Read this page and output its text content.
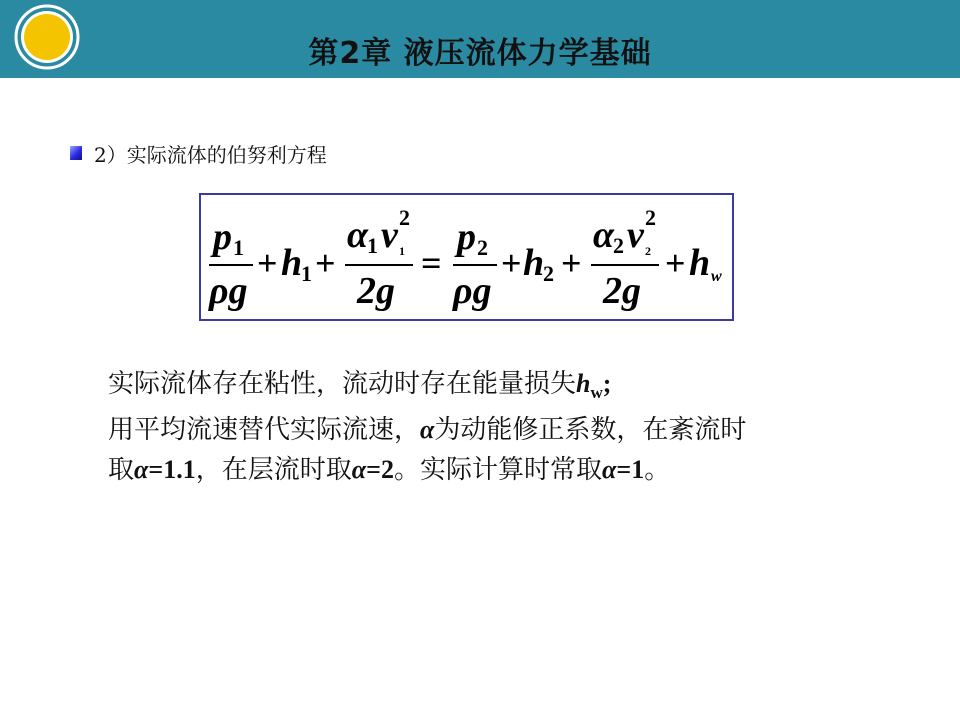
第2章 液压流体力学基础
2）实际流体的伯努利方程
p 1
ρg
+ h
1 +
α
1 v 2
1
2g
=
p 2
ρg
+ h
2 +
α
2 v 2
2
2g
+ h w
实际流体存在粘性，流动时存在能量损失$h_w$;
用平均流速替代实际流速，α为动能修正系数，在紊流时
取α=1.1，在层流时取α=2。实际计算时常取α=1。
